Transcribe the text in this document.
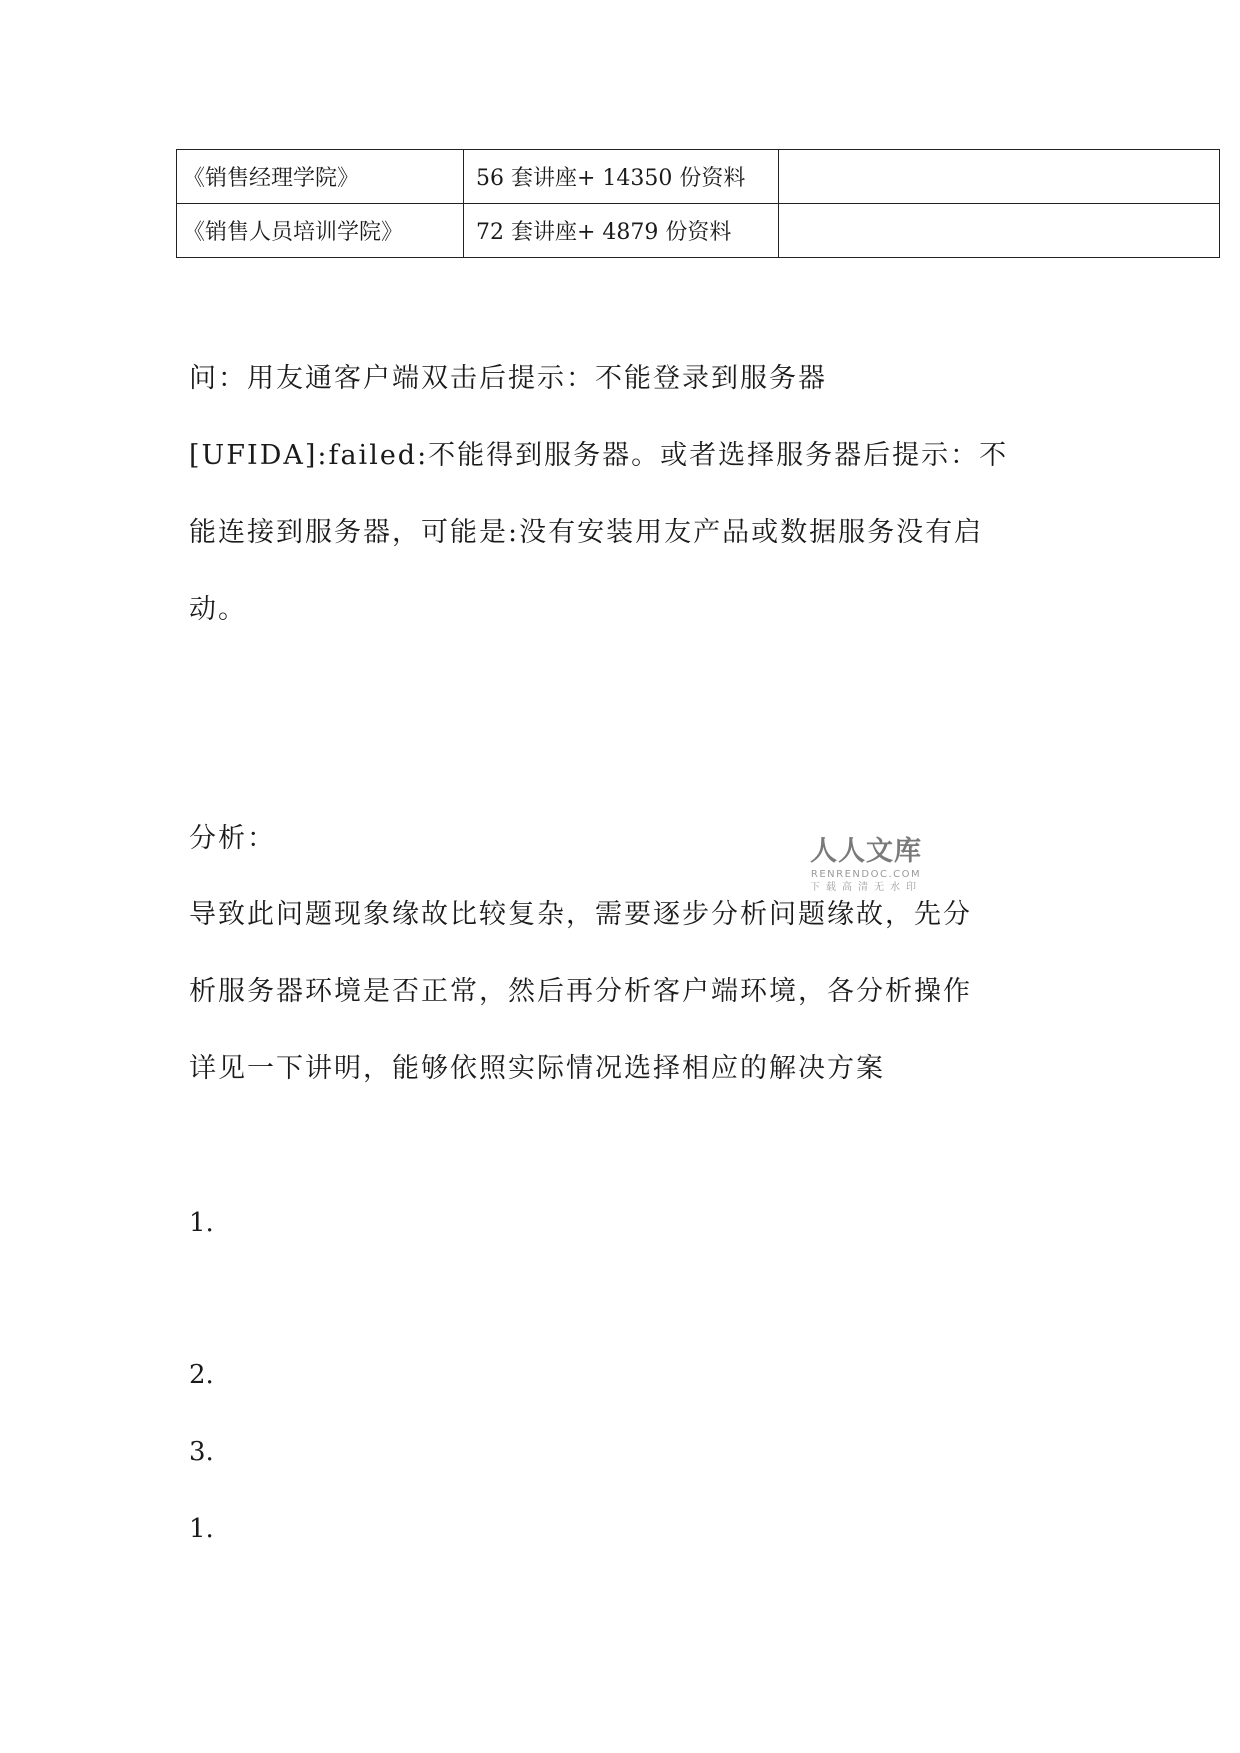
《销售经理学院》	56 套讲座+ 14350 份资料	
《销售人员培训学院》	72 套讲座+ 4879 份资料	
问：用友通客户端双击后提示：不能登录到服务器
[UFIDA]:failed:不能得到服务器。或者选择服务器后提示：不
能连接到服务器，可能是:没有安装用友产品或数据服务没有启
动。
分析：
导致此问题现象缘故比较复杂，需要逐步分析问题缘故，先分
析服务器环境是否正常，然后再分析客户端环境，各分析操作
详见一下讲明，能够依照实际情况选择相应的解决方案
1.
2.
3.
1.
人人文库
RENRENDOC.COM
下载高清无水印
